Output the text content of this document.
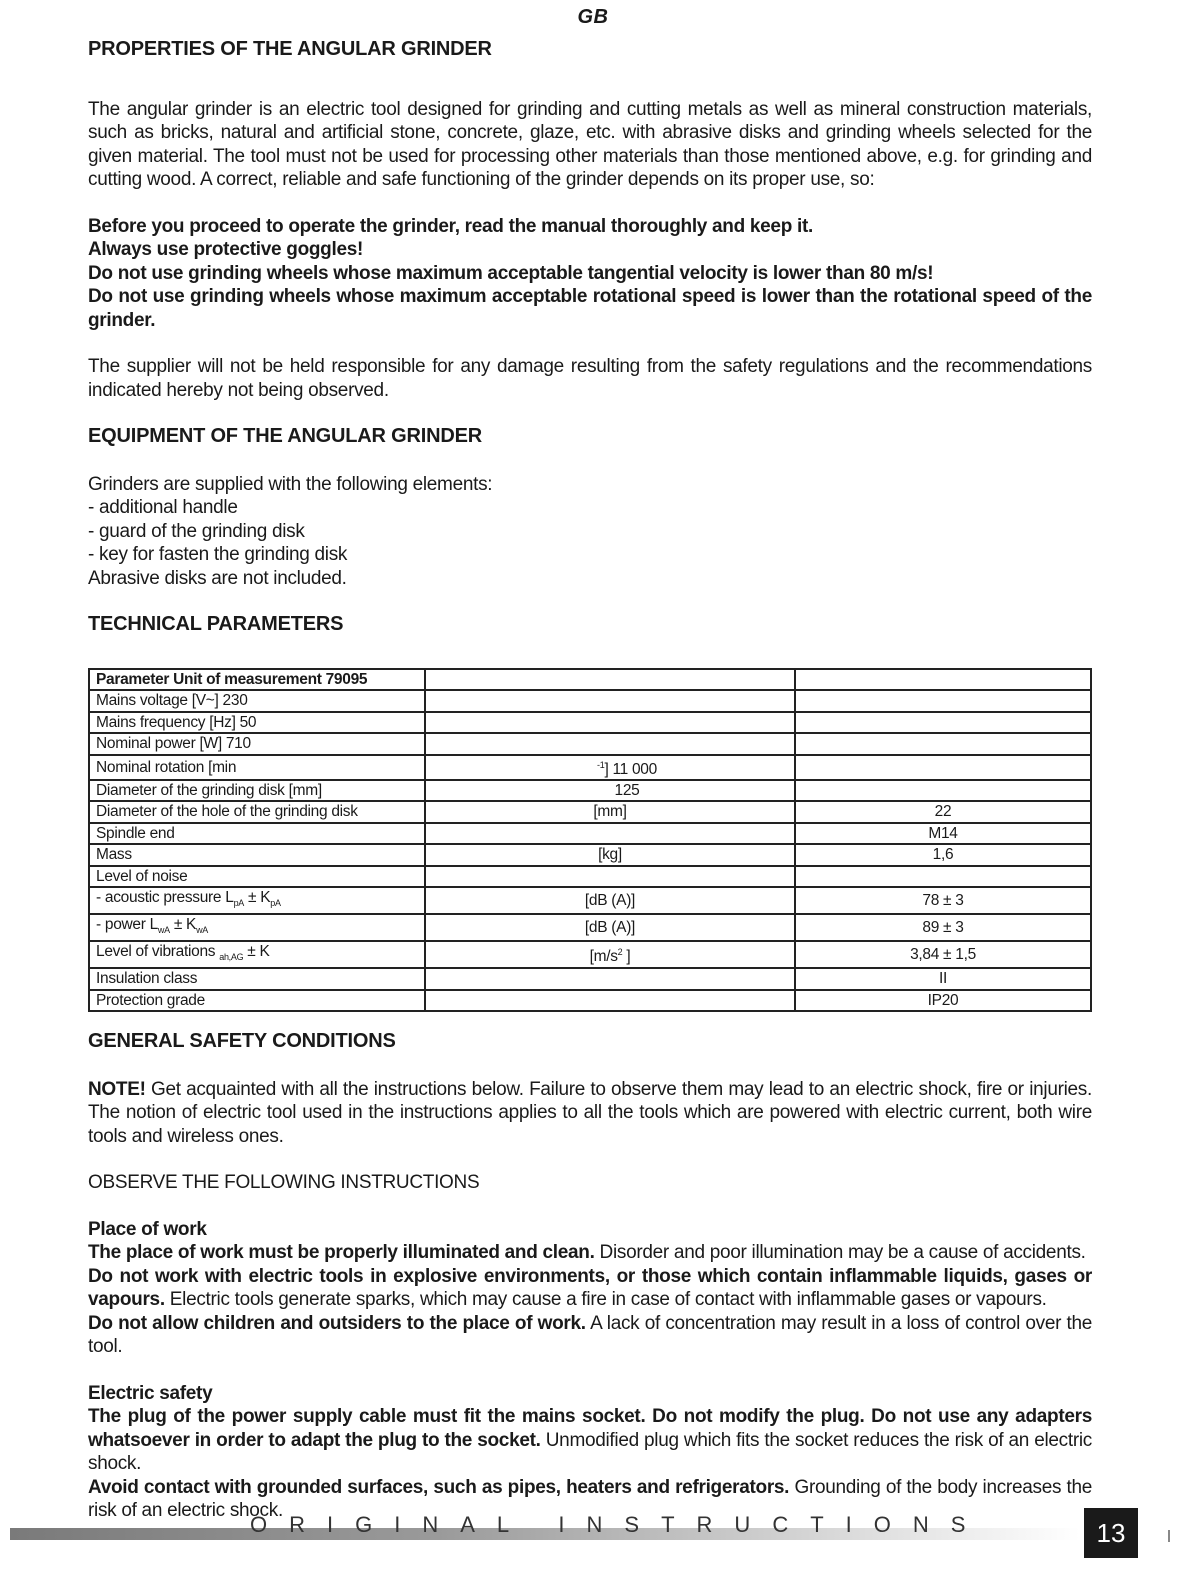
GB
PROPERTIES OF THE ANGULAR GRINDER

The angular grinder is an electric tool designed for grinding and cutting metals as well as mineral construction materials, such as bricks, natural and artificial stone, concrete, glaze, etc. with abrasive disks and grinding wheels selected for the given material. The tool must not be used for processing other materials than those mentioned above, e.g. for grinding and cutting wood. A correct, reliable and safe functioning of the grinder depends on its proper use, so:

Before you proceed to operate the grinder, read the manual thoroughly and keep it.

Always use protective goggles!

Do not use grinding wheels whose maximum acceptable tangential velocity is lower than 80 m/s!

Do not use grinding wheels whose maximum acceptable rotational speed is lower than the rotational speed of the grinder.

The supplier will not be held responsible for any damage resulting from the safety regulations and the recommendations indicated hereby not being observed.

EQUIPMENT OF THE ANGULAR GRINDER
Grinders are supplied with the following elements:
- additional handle
- guard of the grinding disk
- key for fasten the grinding disk
Abrasive disks are not included.
TECHNICAL PARAMETERS
Parameter Unit of measurement 79095		
Mains voltage [V~] 230		
Mains frequency [Hz] 50		
Nominal power [W] 710		
Nominal rotation [min	$^{-1}$] 11 000	
Diameter of the grinding disk [mm]	125	
Diameter of the hole of the grinding disk	[mm]	22
Spindle end		M14
Mass	[kg]	1,6
Level of noise		
- acoustic pressure $L_{pA} \pm K_{pA}$	[dB (A)]	78 ± 3
- power $L_{wA} \pm K_{wA}$	[dB (A)]	89 ± 3
Level of vibrations $_{ah,AG}$ ± K	[$m/s^2$ ]	3,84 ± 1,5
Insulation class		II
Protection grade		IP20
GENERAL SAFETY CONDITIONS

NOTE! Get acquainted with all the instructions below. Failure to observe them may lead to an electric shock, fire or injuries. The notion of electric tool used in the instructions applies to all the tools which are powered with electric current, both wire tools and wireless ones.

OBSERVE THE FOLLOWING INSTRUCTIONS

Place of work

The place of work must be properly illuminated and clean. Disorder and poor illumination may be a cause of accidents.

Do not work with electric tools in explosive environments, or those which contain inflammable liquids, gases or vapours. Electric tools generate sparks, which may cause a fire in case of contact with inflammable gases or vapours.

Do not allow children and outsiders to the place of work. A lack of concentration may result in a loss of control over the tool.

Electric safety

The plug of the power supply cable must fit the mains socket. Do not modify the plug. Do not use any adapters whatsoever in order to adapt the plug to the socket. Unmodified plug which fits the socket reduces the risk of an electric shock.

Avoid contact with grounded surfaces, such as pipes, heaters and refrigerators. Grounding of the body increases the risk of an electric shock.

ORIGINAL INSTRUCTIONS	13
